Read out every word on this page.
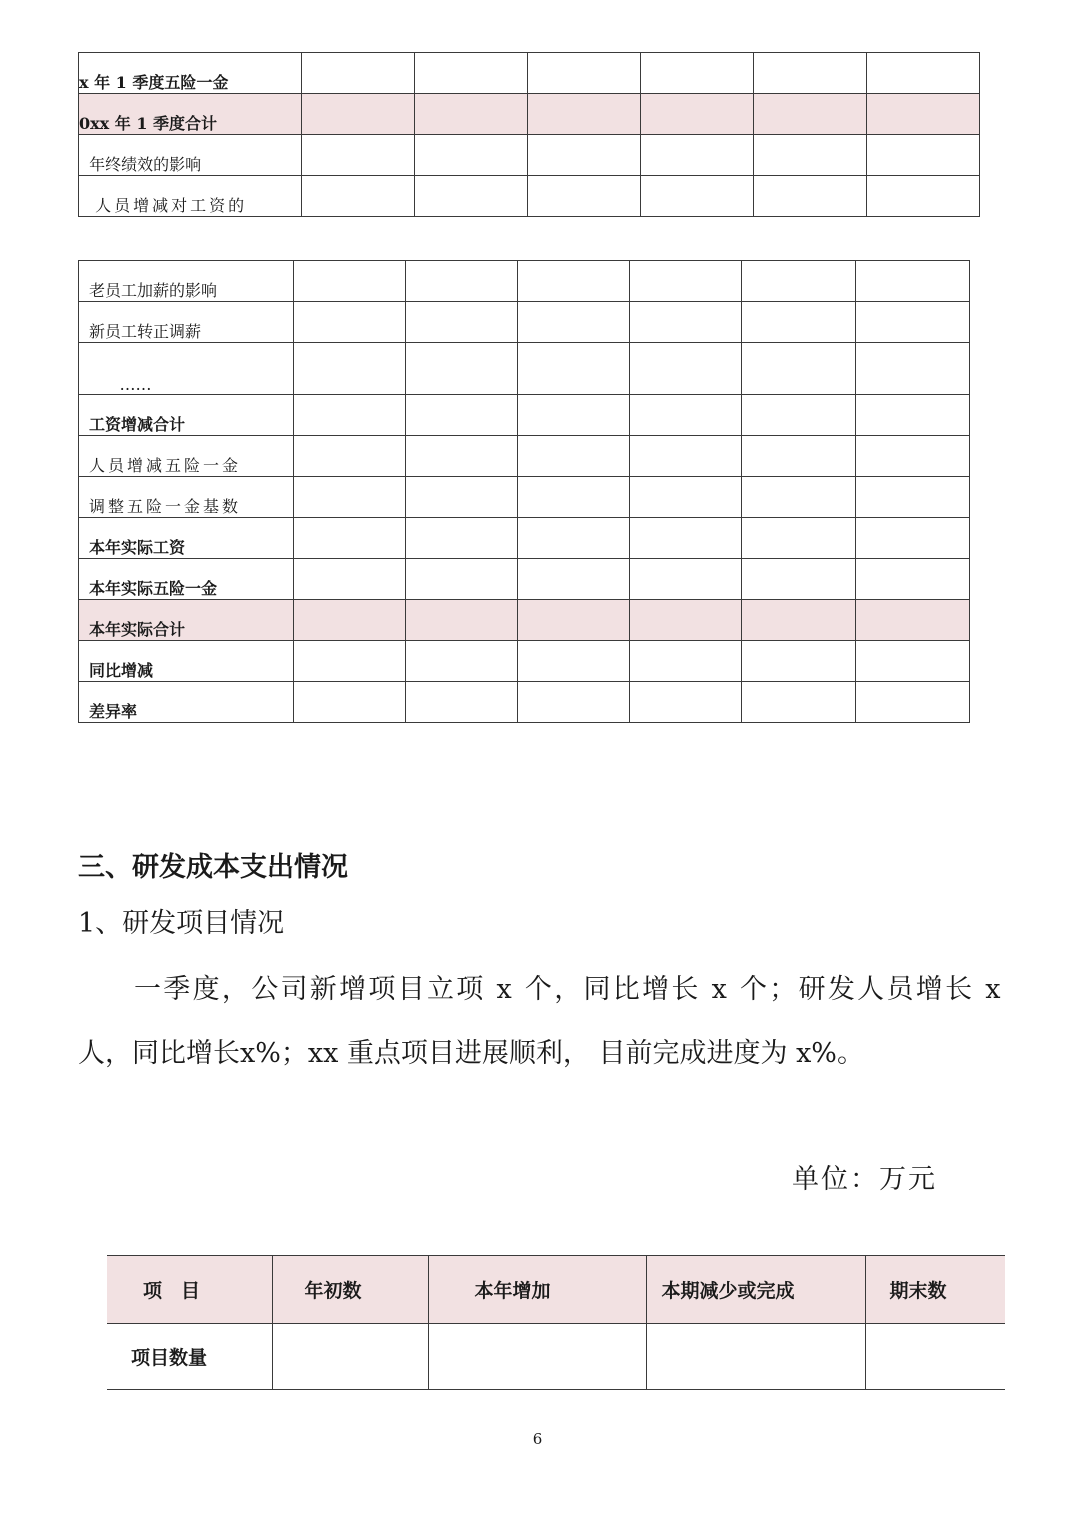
x 年 1 季度五险一金						
0xx 年 1 季度合计						
年终绩效的影响						
人员增减对工资的						
老员工加薪的影响						
新员工转正调薪						
……						
工资增减合计						
人员增减五险一金						
调整五险一金基数						
本年实际工资						
本年实际五险一金						
本年实际合计						
同比增减						
差异率						

三、研发成本支出情况

1、研发项目情况

一季度，公司新增项目立项 x 个，同比增长 x 个；研发人员增长 x

人，同比增长x%；xx 重点项目进展顺利， 目前完成进度为 x%。

单位：万元

项　目	年初数	本年增加	本期减少或完成	期末数
项目数量				
6
